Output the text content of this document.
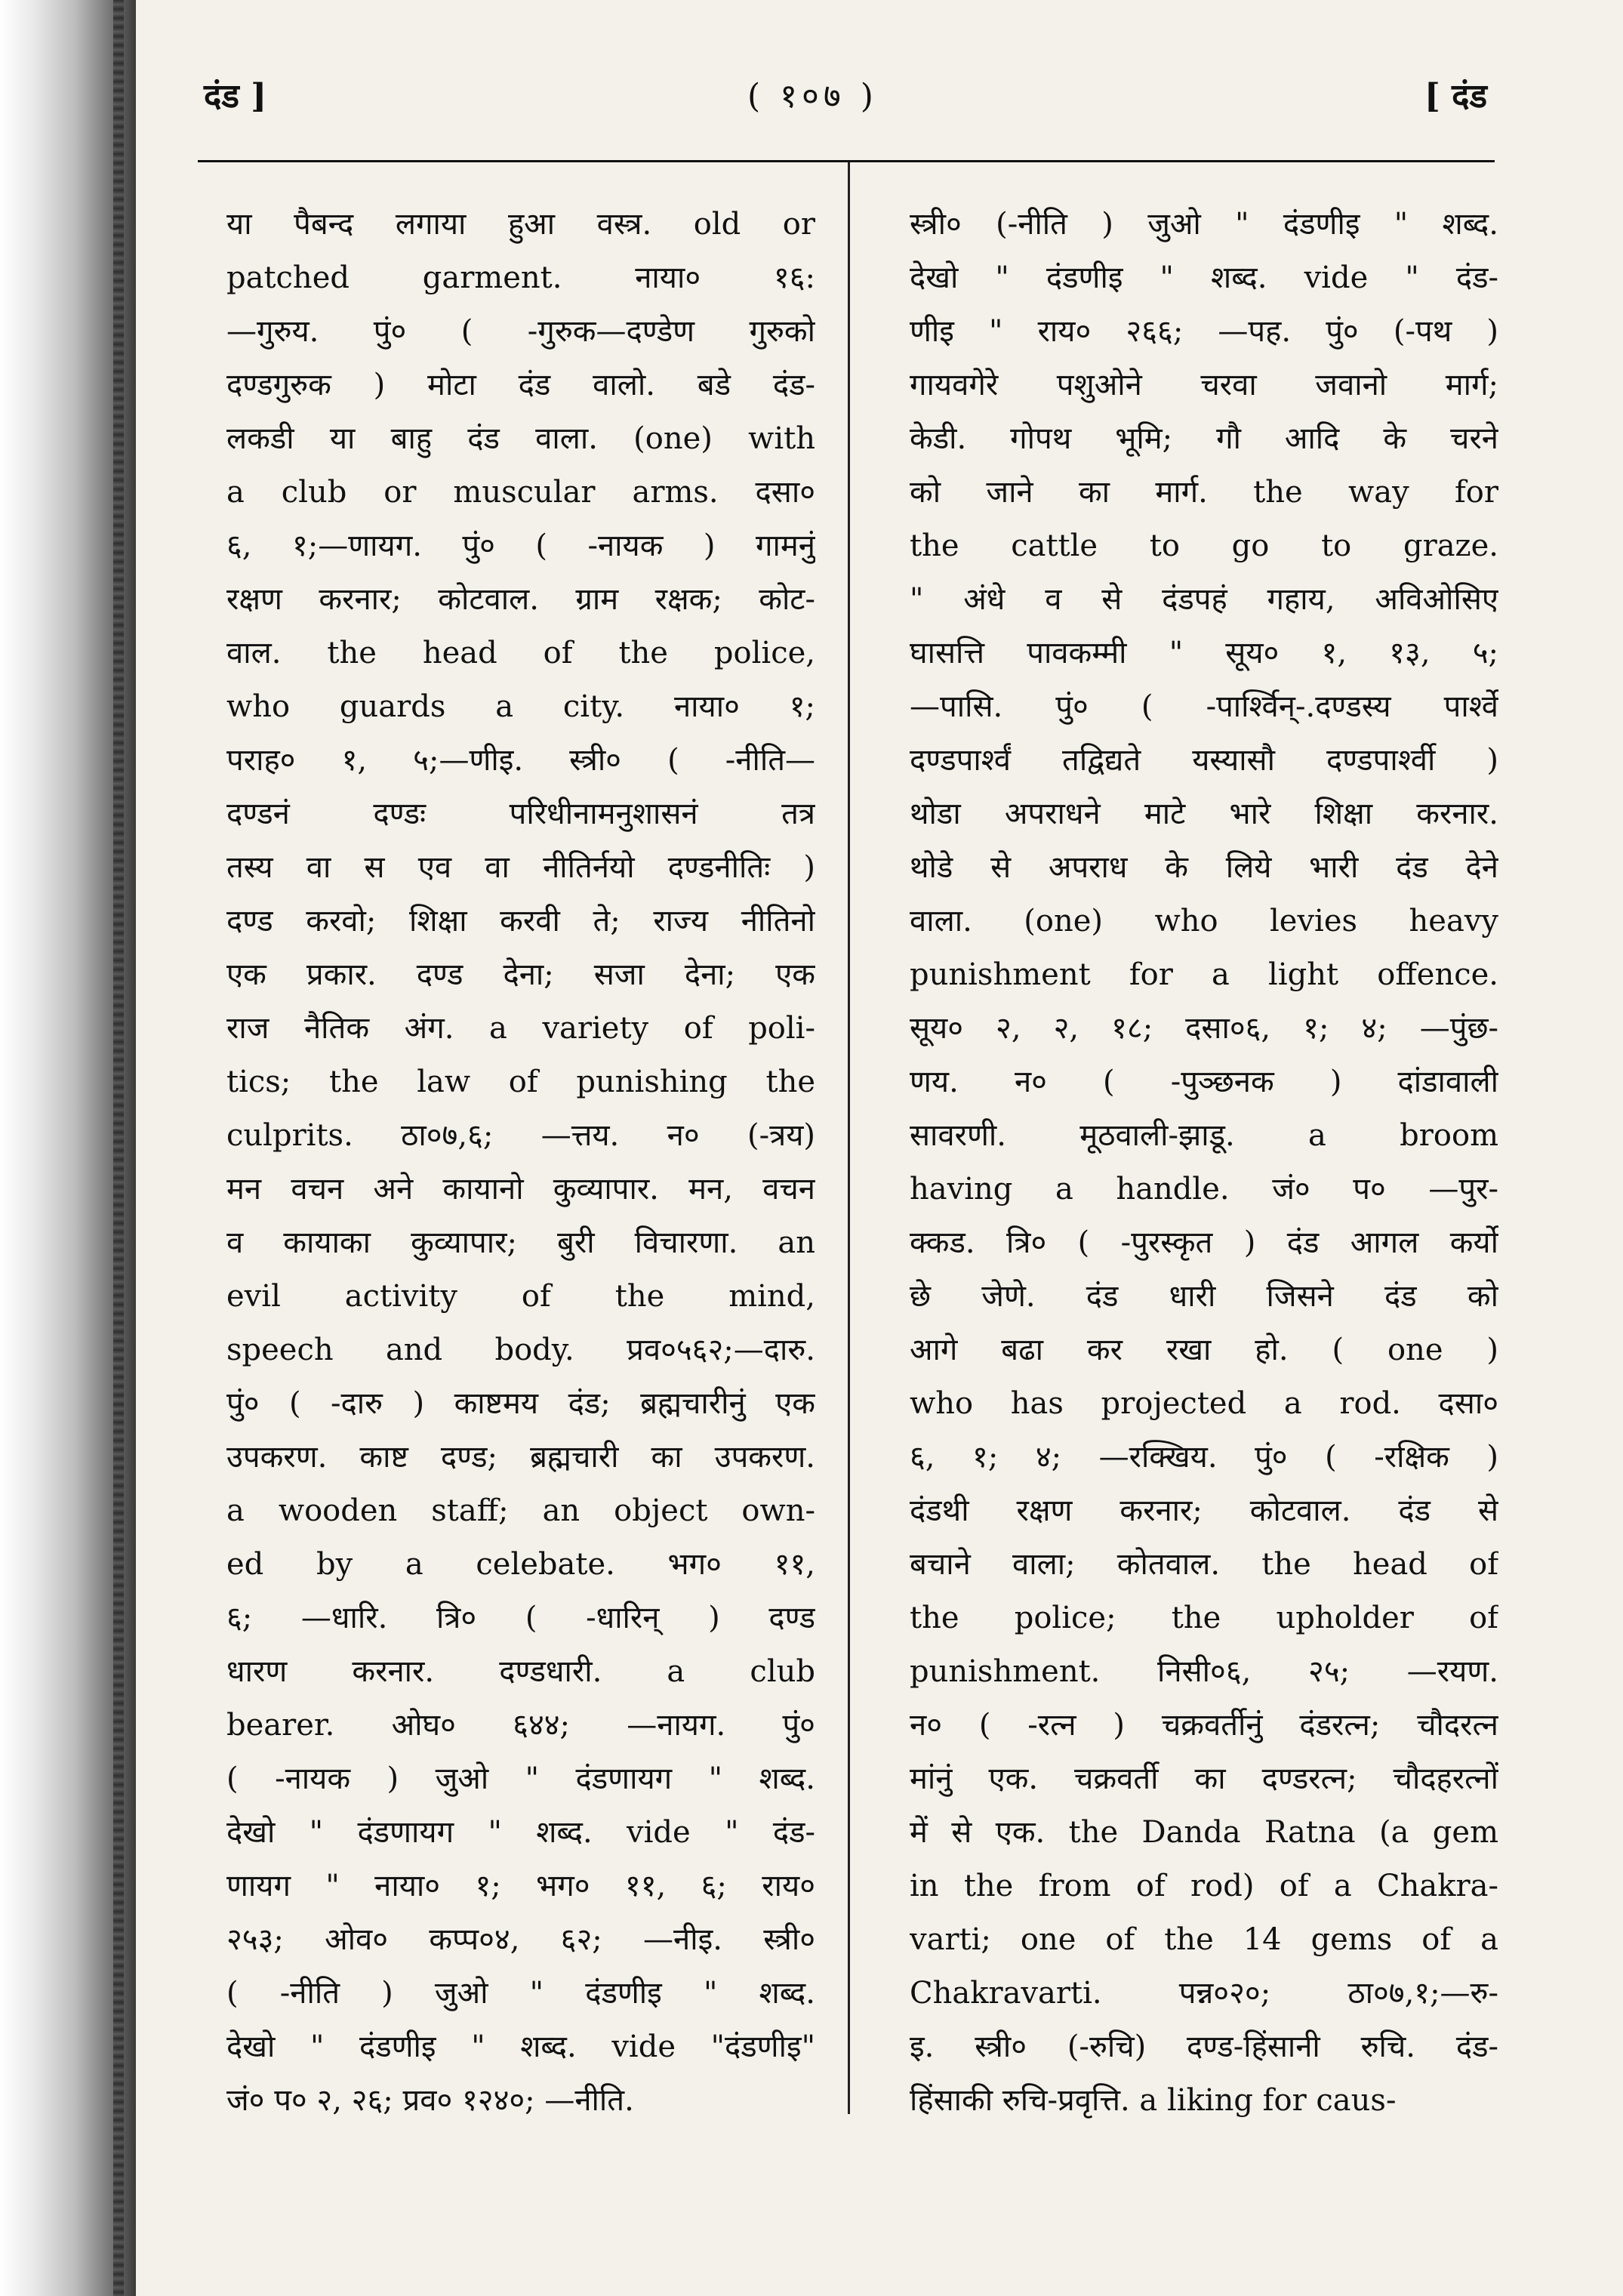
दंड ]	( १०७ )	[ दंड
या पैबन्द लगाया हुआ वस्त्र. old or
patched garment. नाया० १६:
—गुरुय. पुं० ( -गुरुक—दण्डेण गुरुको
दण्डगुरुक ) मोटा दंड वालो. बडे दंड-
लकडी या बाहु दंड वाला. (one) with
a club or muscular arms. दसा०
६, १;—णायग. पुं० ( -नायक ) गामनुं
रक्षण करनार; कोटवाल. ग्राम रक्षक; कोट-
वाल. the head of the police,
who guards a city. नाया० १;
पराह० १, ५;—णीइ. स्त्री० ( -नीति—
दण्डनं दण्डः परिधीनामनुशासनं तत्र
तस्य वा स एव वा नीतिर्नयो दण्डनीतिः )
दण्ड करवो; शिक्षा करवी ते; राज्य नीतिनो
एक प्रकार. दण्ड देना; सजा देना; एक
राज नैतिक अंग. a variety of poli-
tics; the law of punishing the
culprits. ठा०७,६; —त्तय. न० (-त्रय)
मन वचन अने कायानो कुव्यापार. मन, वचन
व कायाका कुव्यापार; बुरी विचारणा. an
evil activity of the mind,
speech and body. प्रव०५६२;—दारु.
पुं० ( -दारु ) काष्टमय दंड; ब्रह्मचारीनुं एक
उपकरण. काष्ट दण्ड; ब्रह्मचारी का उपकरण.
a wooden staff; an object own-
ed by a celebate. भग० ११,
६; —धारि. त्रि० ( -धारिन् ) दण्ड
धारण करनार. दण्डधारी. a club
bearer. ओघ० ६४४; —नायग. पुं०
( -नायक ) जुओ " दंडणायग " शब्द.
देखो " दंडणायग " शब्द. vide " दंड-
णायग " नाया० १; भग० ११, ६; राय०
२५३; ओव० कप्प०४, ६२; —नीइ. स्त्री०
( -नीति ) जुओ " दंडणीइ " शब्द.
देखो " दंडणीइ " शब्द. vide "दंडणीइ"
जं० प० २, २६; प्रव० १२४०; —नीति.
स्त्री० (-नीति ) जुओ " दंडणीइ " शब्द.
देखो " दंडणीइ " शब्द. vide " दंड-
णीइ " राय० २६६; —पह. पुं० (-पथ )
गायवगेरे पशुओने चरवा जवानो मार्ग;
केडी. गोपथ भूमि; गौ आदि के चरने
को जाने का मार्ग. the way for
the cattle to go to graze.
" अंधे व से दंडपहं गहाय, अविओसिए
घासत्ति पावकम्मी " सूय० १, १३, ५;
—पासि. पुं० ( -पार्श्विन्-.दण्डस्य पार्श्वे
दण्डपार्श्वं तद्विद्यते यस्यासौ दण्डपार्श्वी )
थोडा अपराधने माटे भारे शिक्षा करनार.
थोडे से अपराध के लिये भारी दंड देने
वाला. (one) who levies heavy
punishment for a light offence.
सूय० २, २, १८; दसा०६, १; ४; —पुंछ-
णय. न० ( -पुञ्छनक ) दांडावाली
सावरणी. मूठवाली-झाडू. a broom
having a handle. जं० प० —पुर-
क्कड. त्रि० ( -पुरस्कृत ) दंड आगल कर्यो
छे जेणे. दंड धारी जिसने दंड को
आगे बढा कर रखा हो. ( one )
who has projected a rod. दसा०
६, १; ४; —रक्खिय. पुं० ( -रक्षिक )
दंडथी रक्षण करनार; कोटवाल. दंड से
बचाने वाला; कोतवाल. the head of
the police; the upholder of
punishment. निसी०६, २५; —रयण.
न० ( -रत्न ) चक्रवर्तीनुं दंडरत्न; चौदरत्न
मांनुं एक. चक्रवर्ती का दण्डरत्न; चौदहरत्नों
में से एक. the Danda Ratna (a gem
in the from of rod) of a Chakra-
varti; one of the 14 gems of a
Chakravarti. पन्न०२०; ठा०७,१;—रु-
इ. स्त्री० (-रुचि) दण्ड-हिंसानी रुचि. दंड-
हिंसाकी रुचि-प्रवृत्ति. a liking for caus-
